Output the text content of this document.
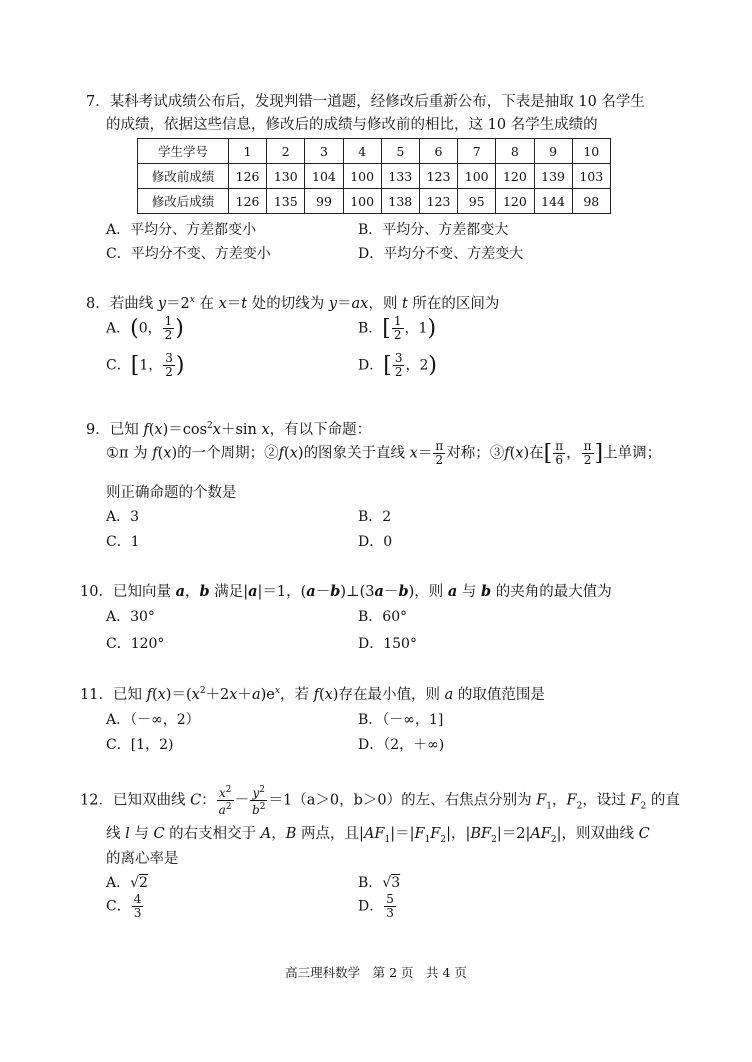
7．某科考试成绩公布后，发现判错一道题，经修改后重新公布，下表是抽取 10 名学生
的成绩，依据这些信息，修改后的成绩与修改前的相比，这 10 名学生成绩的
学生学号	1	2	3	4	5	6	7	8	9	10
修改前成绩	126	130	104	100	133	123	100	120	139	103
修改后成绩	126	135	99	100	138	123	95	120	144	98
A．平均分、方差都变小	B．平均分、方差都变大
C．平均分不变、方差变小	D．平均分不变、方差变大
8．若曲线 $y=2^x$ 在 x＝t 处的切线为 y＝ax，则 t 所在的区间为
A．(0， $\frac{1}{2}$ )	B．[ $\frac{1}{2}$ ，1)
C．[1， $\frac{3}{2}$ )	D．[ $\frac{3}{2}$ ，2)
9．已知 $f(x)=\cos^2x+\sin$ x，有以下命题：
①π 为 f(x)的一个周期；②f(x)的图象关于直线 $x= \frac{\pi}{2}$ 对称；③f(x)在[ $\frac{\pi}{6}$ ， $\frac{\pi}{2}$ ]上单调；
则正确命题的个数是
A．3	B．2
C．1	D．0
10．已知向量 a，b 满足|a|＝1，(a－b)⊥(3a－b)，则 a 与 b 的夹角的最大值为
A．30°	B．60°
C．120°	D．150°
11．已知 $f(x)=(x^2+2x+a)e^x$，若 f(x)存在最小值，则 a 的取值范围是
A．（－∞，2）	B．（－∞，1]
C．[1，2)	D．（2，＋∞)
12．已知双曲线 C： $\frac{x^2}{a^2} - \frac{y^2}{b^2} =1(a>0$，b＞0）的左、右焦点分别为 $F_1$，$F_2$，设过 $F_2$ 的直
线 l 与 C 的右支相交于 A，B 两点，且$|AF_1|=|F_1F_2|$，$|BF_2|=2|AF_2|$，则双曲线 C
的离心率是
A．√2	B．√3
C． $\frac{4}{3}$	D． $\frac{5}{3}$
高三理科数学　第 2 页　共 4 页
